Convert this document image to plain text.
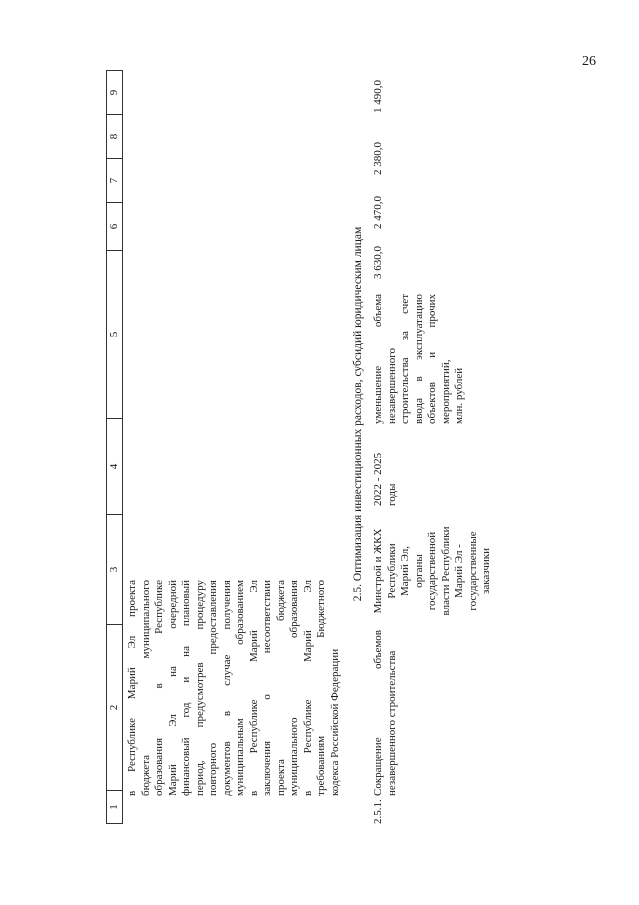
26
1
2
3
4
5
6
7
8
9
в Республике Марий Эл проекта бюджета муниципального образования в Республике Марий Эл на очередной финансовый год и на плановый период, предусмотрев процедуру повторного предоставления документов в случае получения муниципальным образованием в Республике Марий Эл заключения о несоответствии проекта бюджета муниципального образования в Республике Марий Эл требованиям Бюджетного кодекса Российской Федерации
2.5. Оптимизация инвестиционных расходов, субсидий юридическим лицам
2.5.1.
Сокращение объемов незавершенного строительства
Минстрой и ЖКХ Республики Марий Эл, органы государственной власти Республики Марий Эл - государственные заказчики
2022 - 2025 годы
уменьшение объема незавершенного строительства за счет ввода в эксплуатацию объектов и прочих мероприятий, млн. рублей
3 630,0
2 470,0
2 380,0
1 490,0
